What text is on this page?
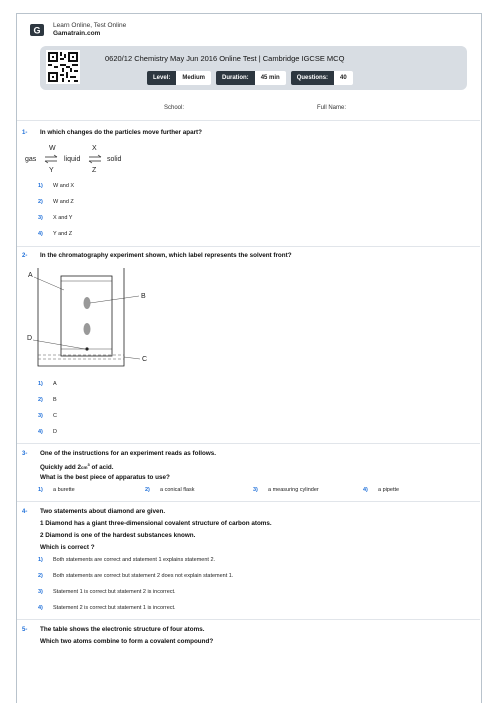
G Learn Online, Test Online
Gamatrain.com
0620/12 Chemistry May Jun 2016 Online Test | Cambridge IGCSE MCQ
Level:	Medium	Duration:	45 min	Questions:	40
School:	Full Name:
1- In which changes do the particles move further apart?
gas
W
Y
liquid
X
Z
solid
1) W and X
2) W and Z
3) X and Y
4) Y and Z
2- In the chromatography experiment shown, which label represents the solvent front?
A
B
D
C
1) A
2) B
3) C
4) D
3- One of the instructions for an experiment reads as follows.
Quickly add $2cm^3$ of acid.
What is the best piece of apparatus to use?
1) a burette	2) a conical flask	3) a measuring cylinder	4) a pipette
4- Two statements about diamond are given.
1 Diamond has a giant three-dimensional covalent structure of carbon atoms.
2 Diamond is one of the hardest substances known.
Which is correct ?
1) Both statements are correct and statement 1 explains statement 2.
2) Both statements are correct but statement 2 does not explain statement 1.
3) Statement 1 is correct but statement 2 is incorrect.
4) Statement 2 is correct but statement 1 is incorrect.
5- The table shows the electronic structure of four atoms.
Which two atoms combine to form a covalent compound?
